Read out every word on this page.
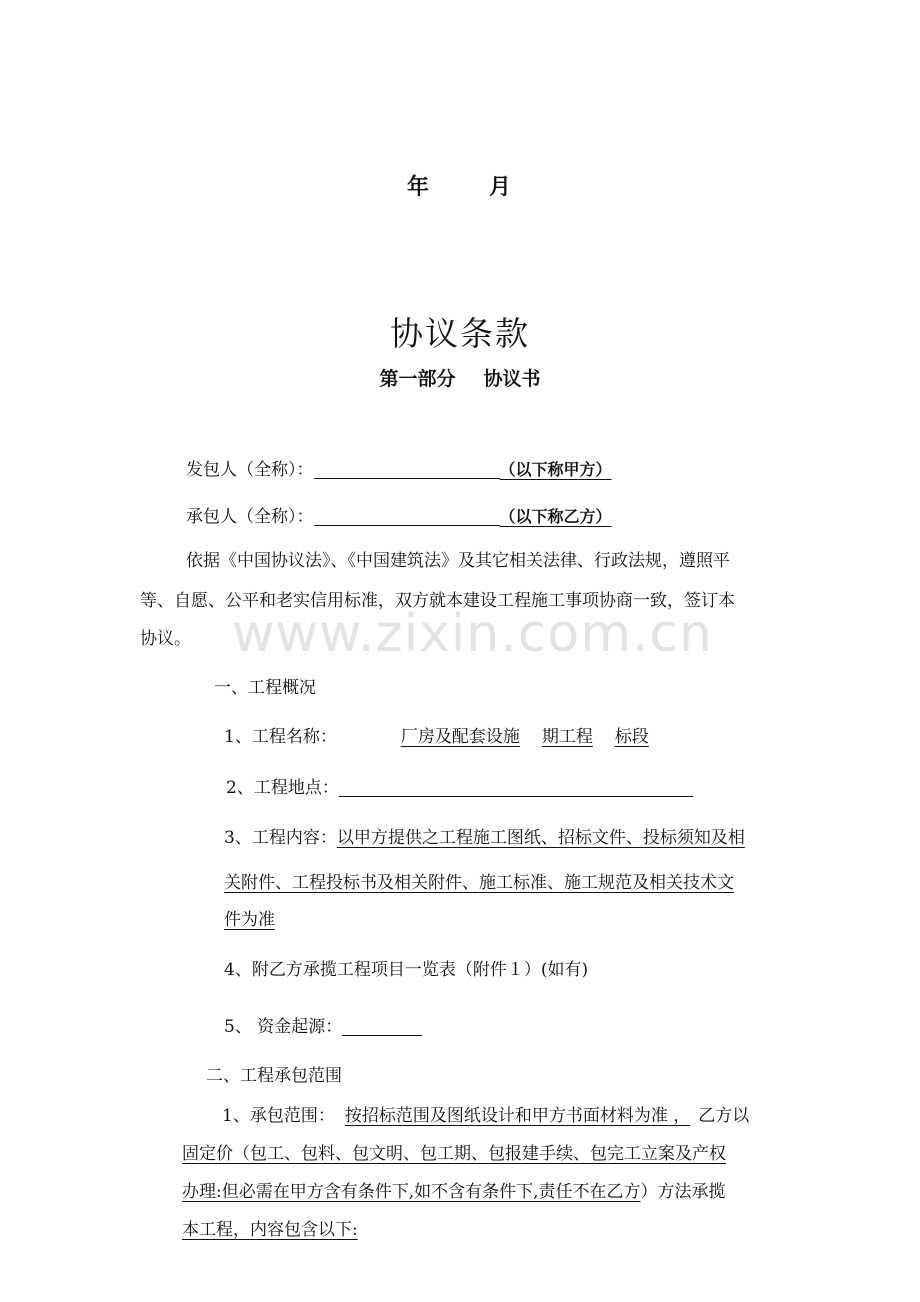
年	月
协议条款
第一部分 协议书
发包人（全称）：	（以下称甲方）
承包人（全称）：	（以下称乙方）
依据《中国协议法》、《中国建筑法》及其它相关法律、行政法规，遵照平
等、自愿、公平和老实信用标准，双方就本建设工程施工事项协商一致，签订本
协议。 www.zixin.com.cn
一、工程概况
1、工程名称：	厂房及配套设施 期工程 标段
2、工程地点：
3、工程内容：以甲方提供之工程施工图纸、招标文件、投标须知及相
关附件、工程投标书及相关附件、施工标准、施工规范及相关技术文
件为准
4、附乙方承揽工程项目一览表（附件１）(如有)
5、 资金起源：
二、工程承包范围
1、承包范围： 按招标范围及图纸设计和甲方书面材料为准 ， 乙方以
固定价（包工、包料、包文明、包工期、包报建手续、包完工立案及产权
办理:但必需在甲方含有条件下,如不含有条件下,责任不在乙方）方法承揽
本工程，内容包含以下:
